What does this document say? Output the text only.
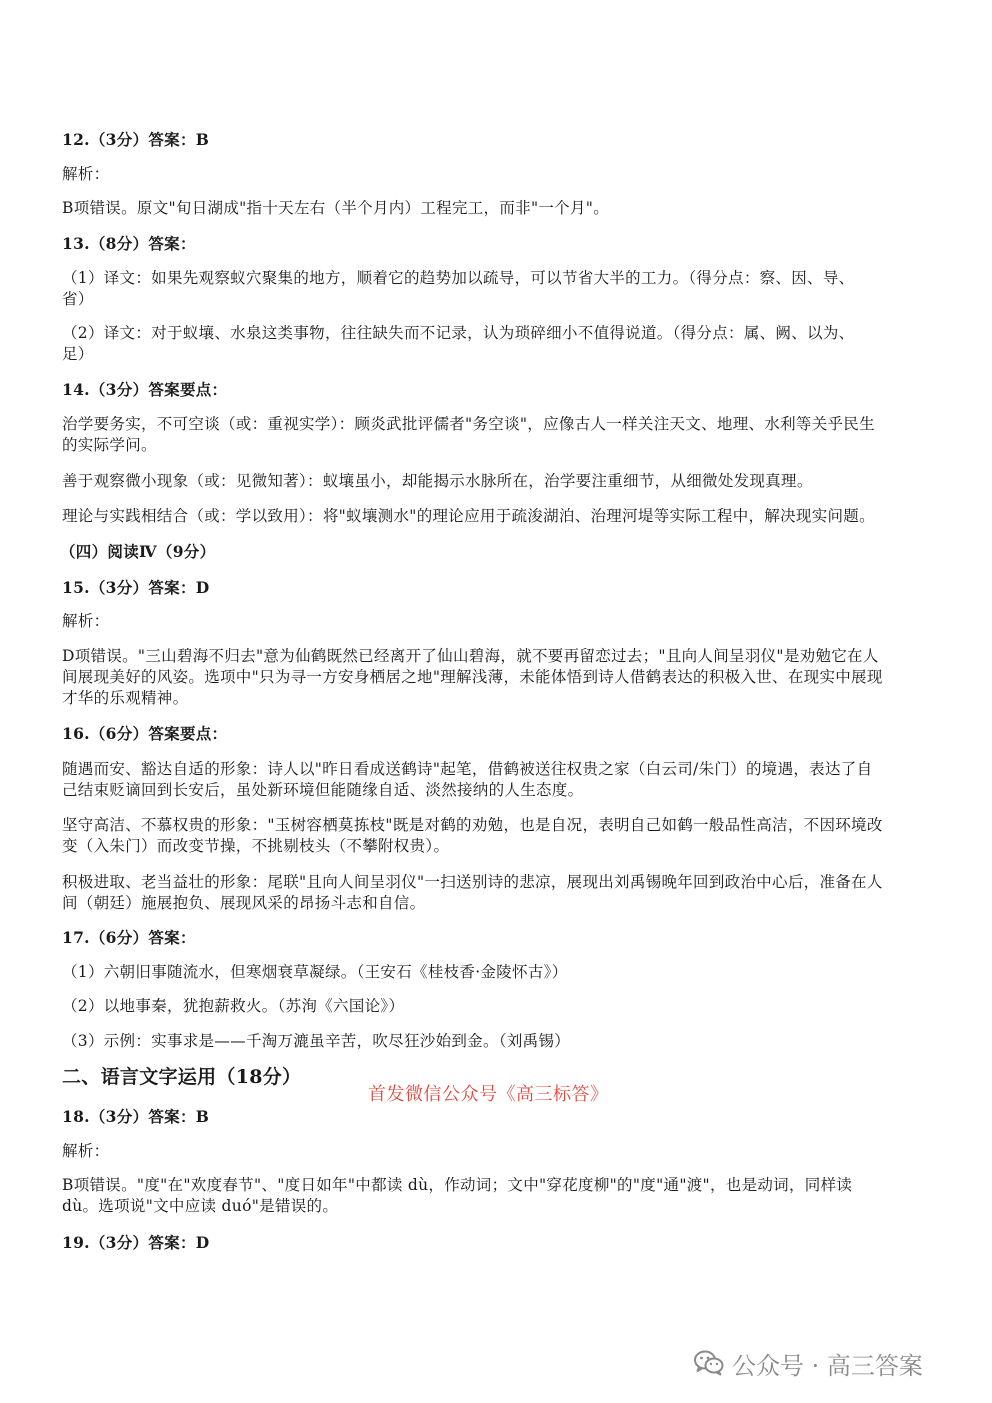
12.（3分）答案：B
解析：
B项错误。原文"旬日湖成"指十天左右（半个月内）工程完工，而非"一个月"。
13.（8分）答案：
（1）译文：如果先观察蚁穴聚集的地方，顺着它的趋势加以疏导，可以节省大半的工力。（得分点：察、因、导、
省）
（2）译文：对于蚁壤、水泉这类事物，往往缺失而不记录，认为琐碎细小不值得说道。（得分点：属、阙、以为、
足）
14.（3分）答案要点：
治学要务实，不可空谈（或：重视实学）：顾炎武批评儒者"务空谈"，应像古人一样关注天文、地理、水利等关乎民生
的实际学问。
善于观察微小现象（或：见微知著）：蚁壤虽小，却能揭示水脉所在，治学要注重细节，从细微处发现真理。
理论与实践相结合（或：学以致用）：将"蚁壤测水"的理论应用于疏浚湖泊、治理河堤等实际工程中，解决现实问题。
（四）阅读Ⅳ（9分）
15.（3分）答案：D
解析：
D项错误。"三山碧海不归去"意为仙鹤既然已经离开了仙山碧海，就不要再留恋过去；"且向人间呈羽仪"是劝勉它在人
间展现美好的风姿。选项中"只为寻一方安身栖居之地"理解浅薄，未能体悟到诗人借鹤表达的积极入世、在现实中展现
才华的乐观精神。
16.（6分）答案要点：
随遇而安、豁达自适的形象：诗人以"昨日看成送鹤诗"起笔，借鹤被送往权贵之家（白云司/朱门）的境遇，表达了自
己结束贬谪回到长安后，虽处新环境但能随缘自适、淡然接纳的人生态度。
坚守高洁、不慕权贵的形象："玉树容栖莫拣枝"既是对鹤的劝勉，也是自况，表明自己如鹤一般品性高洁，不因环境改
变（入朱门）而改变节操，不挑剔枝头（不攀附权贵）。
积极进取、老当益壮的形象：尾联"且向人间呈羽仪"一扫送别诗的悲凉，展现出刘禹锡晚年回到政治中心后，准备在人
间（朝廷）施展抱负、展现风采的昂扬斗志和自信。
17.（6分）答案：
（1）六朝旧事随流水，但寒烟衰草凝绿。（王安石《桂枝香·金陵怀古》）
（2）以地事秦，犹抱薪救火。（苏洵《六国论》）
（3）示例：实事求是——千淘万漉虽辛苦，吹尽狂沙始到金。（刘禹锡）
二、语言文字运用（18分）
首发微信公众号《高三标答》
18.（3分）答案：B
解析：
B项错误。"度"在"欢度春节"、"度日如年"中都读 dù，作动词；文中"穿花度柳"的"度"通"渡"，也是动词，同样读
dù。选项说"文中应读 duó"是错误的。
19.（3分）答案：D
公众号 · 高三答案
